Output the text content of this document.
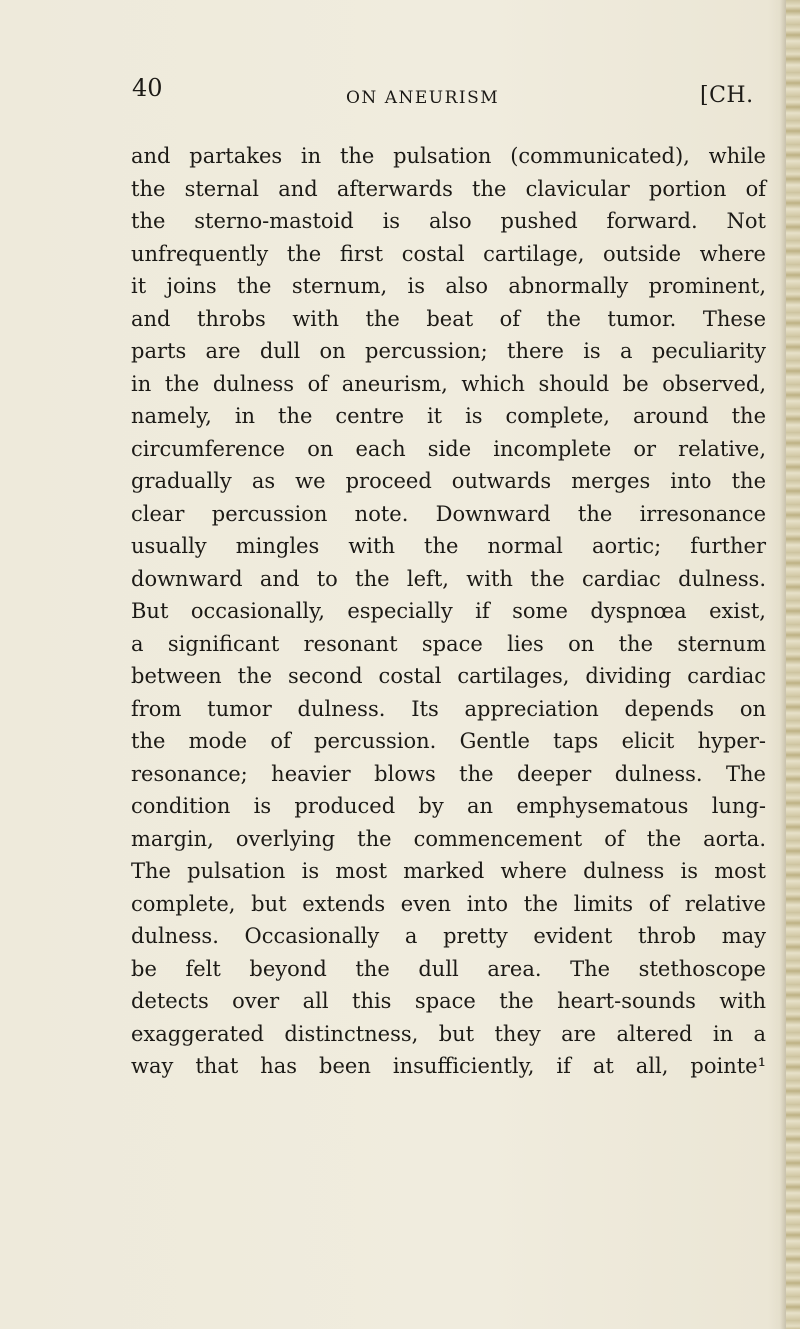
40	ON ANEURISM	[CH.
and partakes in the pulsation (communicated), while
the sternal and afterwards the clavicular portion of
the sterno-mastoid is also pushed forward. Not
unfrequently the first costal cartilage, outside where
it joins the sternum, is also abnormally prominent,
and throbs with the beat of the tumor. These
parts are dull on percussion; there is a peculiarity
in the dulness of aneurism, which should be observed,
namely, in the centre it is complete, around the
circumference on each side incomplete or relative,
gradually as we proceed outwards merges into the
clear percussion note. Downward the irresonance
usually mingles with the normal aortic; further
downward and to the left, with the cardiac dulness.
But occasionally, especially if some dyspnœa exist,
a significant resonant space lies on the sternum
between the second costal cartilages, dividing cardiac
from tumor dulness. Its appreciation depends on
the mode of percussion. Gentle taps elicit hyper-
resonance; heavier blows the deeper dulness. The
condition is produced by an emphysematous lung-
margin, overlying the commencement of the aorta.
The pulsation is most marked where dulness is most
complete, but extends even into the limits of relative
dulness. Occasionally a pretty evident throb may
be felt beyond the dull area. The stethoscope
detects over all this space the heart-sounds with
exaggerated distinctness, but they are altered in a
way that has been insufficiently, if at all, pointe¹
